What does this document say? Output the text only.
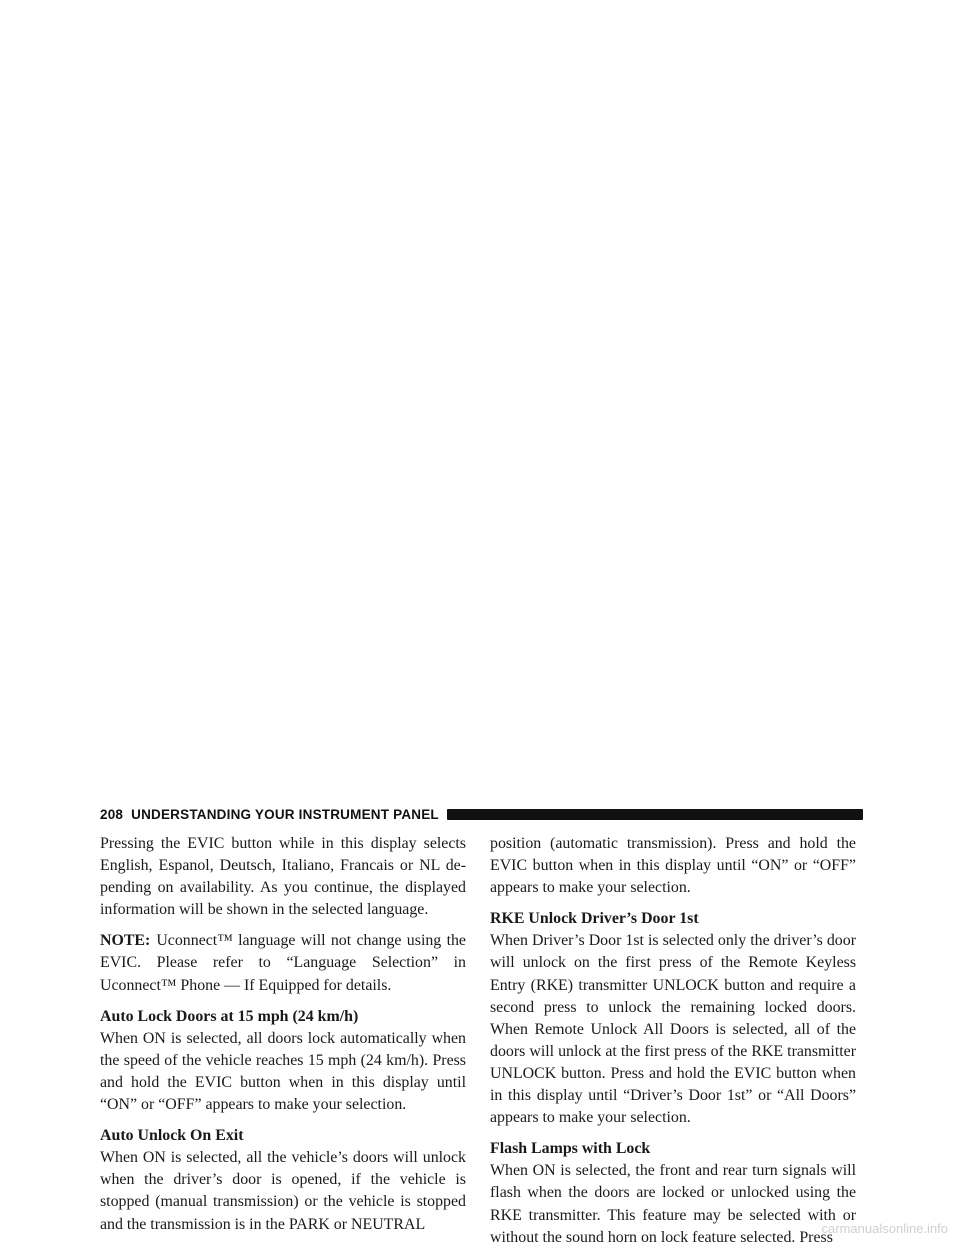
208 UNDERSTANDING YOUR INSTRUMENT PANEL

Pressing the EVIC button while in this display selects English, Espanol, Deutsch, Italiano, Francais or NL depending on availability. As you continue, the displayed information will be shown in the selected language.

NOTE: Uconnect™ language will not change using the EVIC. Please refer to “Language Selection” in Uconnect™ Phone — If Equipped for details.

Auto Lock Doors at 15 mph (24 km/h)

When ON is selected, all doors lock automatically when the speed of the vehicle reaches 15 mph (24 km/h). Press and hold the EVIC button when in this display until “ON” or “OFF” appears to make your selection.

Auto Unlock On Exit

When ON is selected, all the vehicle’s doors will unlock when the driver’s door is opened, if the vehicle is stopped (manual transmission) or the vehicle is stopped and the transmission is in the PARK or NEUTRAL

position (automatic transmission). Press and hold the EVIC button when in this display until “ON” or “OFF” appears to make your selection.

RKE Unlock Driver’s Door 1st

When Driver’s Door 1st is selected only the driver’s door will unlock on the first press of the Remote Keyless Entry (RKE) transmitter UNLOCK button and require a second press to unlock the remaining locked doors. When Remote Unlock All Doors is selected, all of the doors will unlock at the first press of the RKE transmitter UNLOCK button. Press and hold the EVIC button when in this display until “Driver’s Door 1st” or “All Doors” appears to make your selection.

Flash Lamps with Lock

When ON is selected, the front and rear turn signals will flash when the doors are locked or unlocked using the RKE transmitter. This feature may be selected with or without the sound horn on lock feature selected. Press

carmanualsonline.info
